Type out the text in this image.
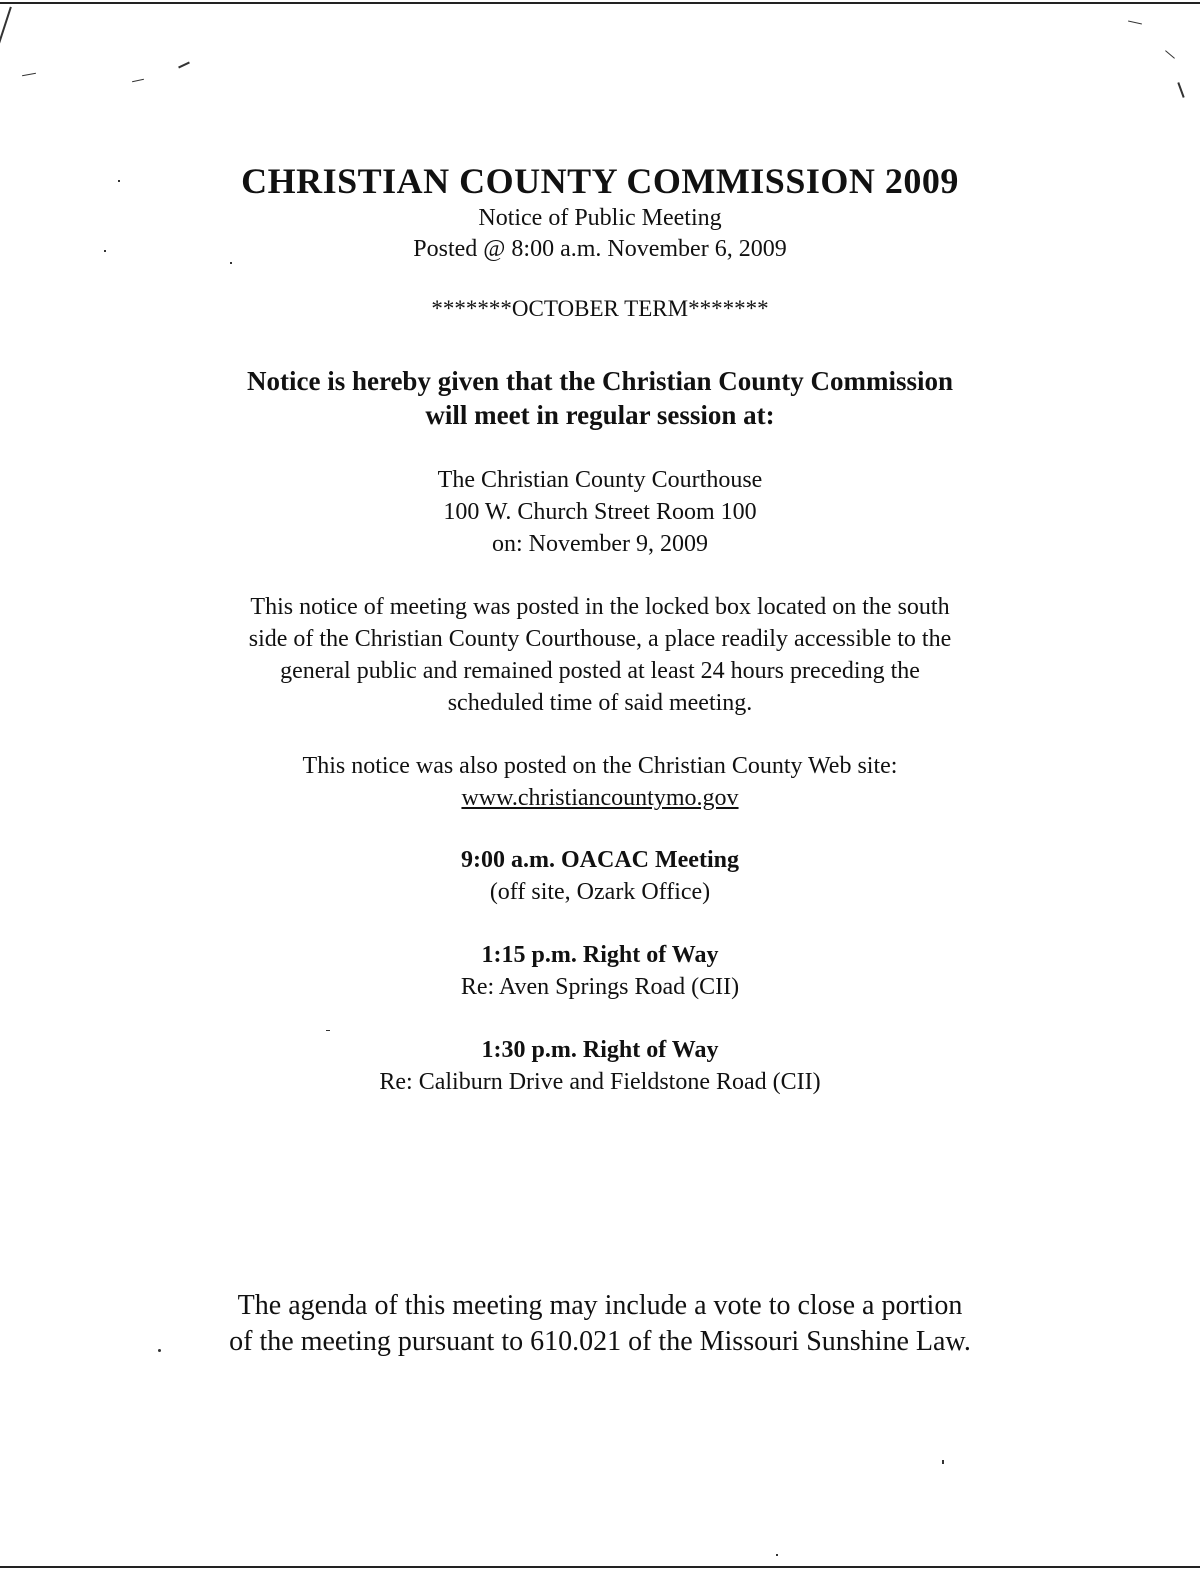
CHRISTIAN COUNTY COMMISSION 2009
Notice of Public Meeting
Posted @ 8:00 a.m. November 6, 2009
*******OCTOBER TERM*******
Notice is hereby given that the Christian County Commission
will meet in regular session at:
The Christian County Courthouse
100 W. Church Street Room 100
on: November 9, 2009
This notice of meeting was posted in the locked box located on the south
side of the Christian County Courthouse, a place readily accessible to the
general public and remained posted at least 24 hours preceding the
scheduled time of said meeting.
This notice was also posted on the Christian County Web site:
www.christiancountymo.gov
9:00 a.m. OACAC Meeting
(off site, Ozark Office)
1:15 p.m. Right of Way
Re: Aven Springs Road (CII)
1:30 p.m. Right of Way
Re: Caliburn Drive and Fieldstone Road (CII)
The agenda of this meeting may include a vote to close a portion
of the meeting pursuant to 610.021 of the Missouri Sunshine Law.
